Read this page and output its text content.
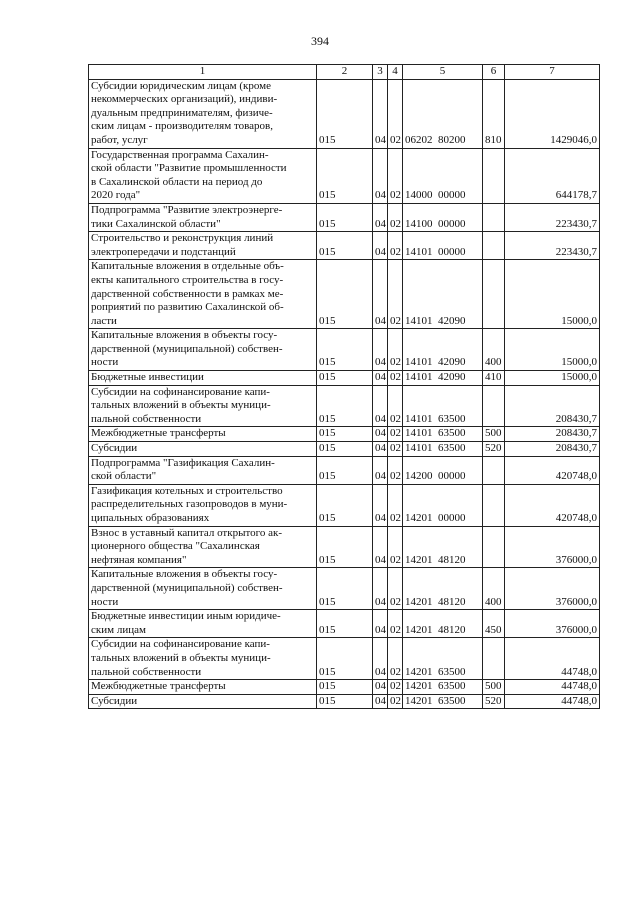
394
1	2	3	4	5	6	7
Субсидии юридическим лицам (кроме
некоммерческих организаций), индиви-
дуальным предпринимателям, физиче-
ским лицам - производителям товаров,
работ, услуг	015	04	02	06202  80200	810	1429046,0
Государственная программа Сахалин-
ской области "Развитие промышленности
в Сахалинской области на период до
2020 года"	015	04	02	14000  00000		644178,7
Подпрограмма "Развитие электроэнерге-
тики Сахалинской области"	015	04	02	14100  00000		223430,7
Строительство и реконструкция линий
электропередачи и подстанций	015	04	02	14101  00000		223430,7
Капитальные вложения в отдельные объ-
екты капитального строительства в госу-
дарственной собственности в рамках ме-
роприятий по развитию Сахалинской об-
ласти	015	04	02	14101  42090		15000,0
Капитальные вложения в объекты госу-
дарственной (муниципальной) собствен-
ности	015	04	02	14101  42090	400	15000,0
Бюджетные инвестиции	015	04	02	14101  42090	410	15000,0
Субсидии на софинансирование капи-
тальных вложений в объекты муници-
пальной собственности	015	04	02	14101  63500		208430,7
Межбюджетные трансферты	015	04	02	14101  63500	500	208430,7
Субсидии	015	04	02	14101  63500	520	208430,7
Подпрограмма "Газификация Сахалин-
ской области"	015	04	02	14200  00000		420748,0
Газификация котельных и строительство
распределительных газопроводов в муни-
ципальных образованиях	015	04	02	14201  00000		420748,0
Взнос в уставный капитал открытого ак-
ционерного общества "Сахалинская
нефтяная компания"	015	04	02	14201  48120		376000,0
Капитальные вложения в объекты госу-
дарственной (муниципальной) собствен-
ности	015	04	02	14201  48120	400	376000,0
Бюджетные инвестиции иным юридиче-
ским лицам	015	04	02	14201  48120	450	376000,0
Субсидии на софинансирование капи-
тальных вложений в объекты муници-
пальной собственности	015	04	02	14201  63500		44748,0
Межбюджетные трансферты	015	04	02	14201  63500	500	44748,0
Субсидии	015	04	02	14201  63500	520	44748,0
